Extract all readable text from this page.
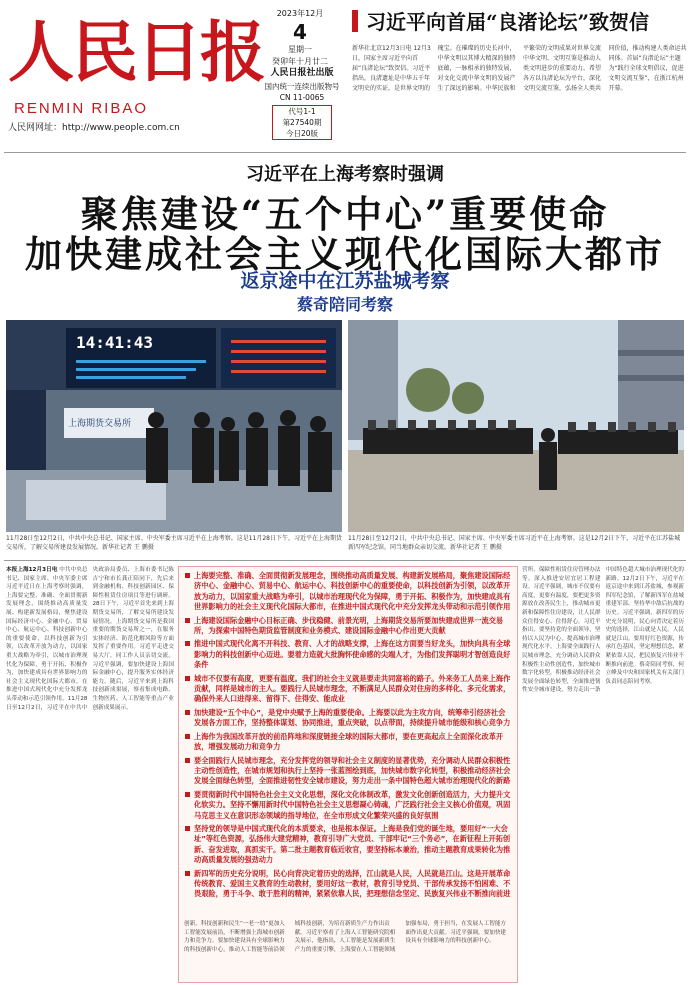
人民日报
RENMIN RIBAO
人民网网址：http://www.people.com.cn
2023年12月
4
星期一
癸卯年十月廿二
人民日报社出版
国内统一连续出版物号 CN 11-0065
代号1-1
第27540期
今日20版
习近平向首届“良渚论坛”致贺信
新华社北京12月3日电 12月3日，国家主席习近平向首届“良渚论坛”致贺信。习近平指出，良渚遗址是中华五千年文明史的实证，是世界文明的瑰宝。在璀璨的历史长河中，中华文明以其博大精深的独特底蕴，一脉相承的独特发展，对文化交流中华文明的发展产生了深远的影响。中华民族和平繁荣的文明成果对世界交流中华文明、文明互鉴是推动人类文明进步的重要动力。希望各方以良渚论坛为平台，深化文明交流互鉴，弘扬全人类共同价值，推动构建人类命运共同体。首届“良渚论坛”主题为“践行全球文明倡议，促进文明交流互鉴”，在浙江杭州开幕。
习近平在上海考察时强调
聚焦建设“五个中心”重要使命
加快建成社会主义现代化国际大都市
返京途中在江苏盐城考察
蔡奇陪同考察
14:41:43
上海期货交易所
11月28日至12月2日，中共中央总书记、国家主席、中央军委主席习近平在上海考察。这是11月28日下午，习近平在上海期货交易所，了解交易所建设发展情况。新华社记者 王 鹏摄
11月28日至12月2日，中共中央总书记、国家主席、中央军委主席习近平在上海考察。这是12月2日下午，习近平在江苏盐城新四军纪念馆，同当地群众亲切交流。新华社记者 王 鹏摄
本报上海12月3日电 中共中央总书记、国家主席、中央军委主席习近平近日在上海考察时强调，上海要完整、准确、全面贯彻新发展理念，围绕推动高质量发展、构建新发展格局，聚焦建设国际经济中心、金融中心、贸易中心、航运中心、科技创新中心的重要使命，以科技创新为引领，以改革开放为动力，以国家重大战略为牵引，以城市治理现代化为保障，勇于开拓、积极作为，加快建成具有世界影响力的社会主义现代化国际大都市，在推进中国式现代化中充分发挥龙头带动和示范引领作用。11月28日至12月2日，习近平在中共中央政治局委员、上海市委书记陈吉宁和市长龚正陪同下，先后来到金融机构、科技创新园区、保障性租赁住房项目等进行调研。28日下午，习近平首先来到上海期货交易所，了解交易所建设发展情况。上海期货交易所是我国重要的期货交易所之一，在服务实体经济、防范化解风险等方面发挥了重要作用。习近平走进交易大厅，同工作人员亲切交流。习近平强调，要加快建设上海国际金融中心，提升服务实体经济能力。随后，习近平来到上海科技创新成果展，察看集成电路、生物医药、人工智能等重点产业创新成果展示。
上海要完整、准确、全面贯彻新发展理念，围绕推动高质量发展、构建新发展格局，聚焦建设国际经济中心、金融中心、贸易中心、航运中心、科技创新中心的重要使命，以科技创新为引领，以改革开放为动力，以国家重大战略为牵引，以城市治理现代化为保障，勇于开拓、积极作为，加快建成具有世界影响力的社会主义现代化国际大都市，在推进中国式现代化中充分发挥龙头带动和示范引领作用
上海建设国际金融中心目标正确、步伐稳健、前景光明，上海期货交易所要加快建成世界一流交易所，为探索中国特色期货监管制度和业务模式、建设国际金融中心作出更大贡献
推进中国式现代化离不开科技、教育、人才的战略支撑，上海在这方面要当好龙头，加快向具有全球影响力的科技创新中心迈进。要着力造就大批胸怀使命感的尖端人才，为他们发挥聪明才智创造良好条件
城市不仅要有高度，更要有温度。我们的社会主义就是要走共同富裕的路子。外来务工人员来上海作贡献，同样是城市的主人。要践行人民城市理念，不断满足人民群众对住房的多样化、多元化需求，确保外来人口进得来、留得下、住得安、能成业
加快建设“五个中心”，是党中央赋予上海的重要使命。上海要以此为主攻方向，统筹牵引经济社会发展各方面工作，坚持整体谋划、协同推进，重点突破，以点带面，持续提升城市能级和核心竞争力
上海作为我国改革开放的前沿阵地和深度链接全球的国际大都市，要在更高起点上全面深化改革开放，增强发展动力和竞争力
要全面践行人民城市理念，充分发挥党的领导和社会主义制度的显著优势，充分调动人民群众积极性主动性创造性，在城市规划和执行上坚持一张蓝图绘到底，加快城市数字化转型，积极推动经济社会发展全面绿色转型，全面推进韧性安全城市建设，努力走出一条中国特色超大城市治理现代化的新路
要贯彻新时代中国特色社会主义文化思想，深化文化体制改革，激发文化创新创造活力，大力提升文化软实力。坚持不懈用新时代中国特色社会主义思想凝心铸魂，广泛践行社会主义核心价值观，巩固马克思主义在意识形态领域的指导地位，在全市形成文化繁荣兴盛的良好氛围
坚持党的领导是中国式现代化的本质要求，也是根本保证。上海是我们党的诞生地，要用好“一大会址”等红色资源，弘扬伟大建党精神，教育引导广大党员、干部牢记“三个务必”，在新征程上开拓创新、奋发进取，真抓实干。第二批主题教育临近收官，要坚持标本兼治，推动主题教育成果转化为推动高质量发展的强劲动力
新四军的历史充分说明，民心向背决定着历史的选择，江山就是人民，人民就是江山。这是开展革命传统教育、爱国主义教育的生动教材，要用好这一教材，教育引导党员、干部传承发扬不怕困难、不畏艰险，勇于斗争、敢于胜利的精神，紧紧依靠人民，把理想信念坚定、民族复兴伟业不断推向前进
创新，科技创新和民生“一老一幼”更加人工智能发展前沿，不断增强上海城市创新力和竞争力。要加快建设具有全球影响力的科技创新中心，推动人工智能等前沿领域科技创新，为培育新质生产力作出贡献。习近平察看了上海人工智能研究院相关展示，他指出，人工智能是发展新质生产力的重要引擎，上海要在人工智能领域加强布局，勇于担当，在发展人工智能方面作出更大贡献。习近平强调，要加快建设具有全球影响力的科技创新中心。
营所、保障性租赁住房管理办法等，深入推进安居宜居工程建设。习近平强调，城市不仅要有高度，更要有温度，要把更多资源放在改善民生上，推动城市更新和保障性住房建设，让人民群众住得安心、住得舒心。习近平指出，要坚持党的全面领导，坚持以人民为中心，提高城市治理现代化水平。上海要全面践行人民城市理念，充分调动人民群众积极性主动性创造性，加快城市数字化转型，积极推动经济社会发展全面绿色转型，全面推进韧性安全城市建设，努力走出一条中国特色超大城市治理现代化的新路。12月2日下午，习近平在返京途中来到江苏盐城，参观新四军纪念馆，了解新四军在盐城重建军部、坚持华中敌后抗战的历史。习近平强调，新四军的历史充分说明，民心向背决定着历史的选择，江山就是人民，人民就是江山。要用好红色资源，传承红色基因，坚定理想信念，紧紧依靠人民，把民族复兴伟业不断推向前进。蔡奇陪同考察，何立峰及中央和国家机关有关部门负责同志陪同考察。
